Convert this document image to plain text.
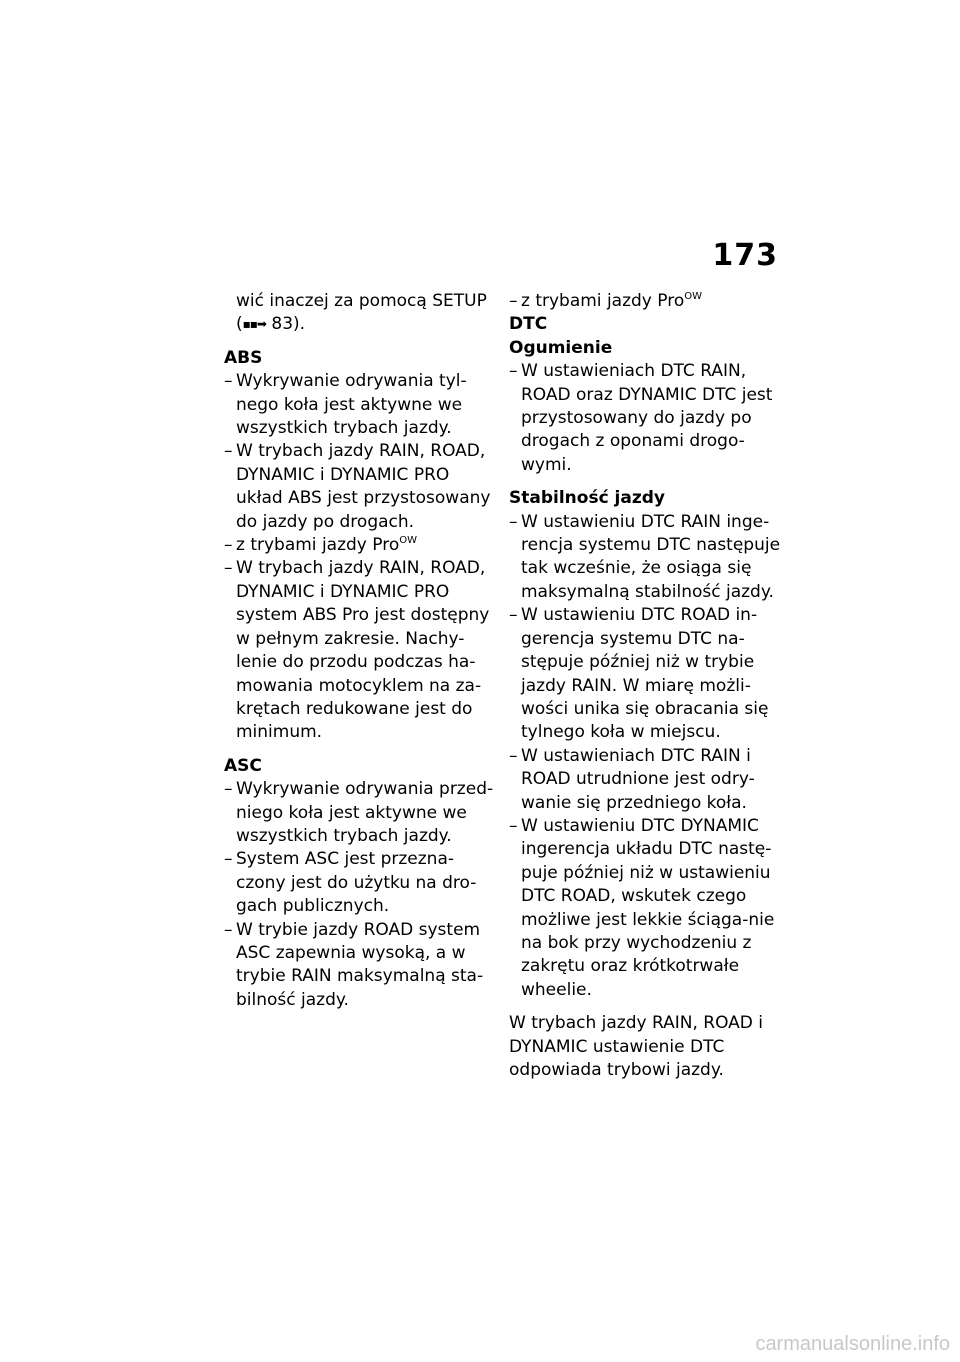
173

wić inaczej za pomocą SETUP

(▪▪➡ 83).

ABS

– Wykrywanie odrywania tyl-nego koła jest aktywne we wszystkich trybach jazdy.
– W trybach jazdy RAIN, ROAD, DYNAMIC i DYNAMIC PRO układ ABS jest przystosowany do jazdy po drogach.
– z trybami jazdy Pro$^{OW}$
– W trybach jazdy RAIN, ROAD, DYNAMIC i DYNAMIC PRO system ABS Pro jest dostępny w pełnym zakresie. Nachy-lenie do przodu podczas ha-mowania motocyklem na za-krętach redukowane jest do minimum.

ASC

– Wykrywanie odrywania przed-niego koła jest aktywne we wszystkich trybach jazdy.
– System ASC jest przezna-czony jest do użytku na dro-gach publicznych.
– W trybie jazdy ROAD system ASC zapewnia wysoką, a w trybie RAIN maksymalną sta-bilność jazdy.
– z trybami jazdy Pro$^{OW}$

DTC

Ogumienie

– W ustawieniach DTC RAIN, ROAD oraz DYNAMIC DTC jest przystosowany do jazdy po drogach z oponami drogo-wymi.

Stabilność jazdy

– W ustawieniu DTC RAIN inge-rencja systemu DTC następuje tak wcześnie, że osiąga się maksymalną stabilność jazdy.
– W ustawieniu DTC ROAD in-gerencja systemu DTC na-stępuje później niż w trybie jazdy RAIN. W miarę możli-wości unika się obracania się tylnego koła w miejscu.
– W ustawieniach DTC RAIN i ROAD utrudnione jest odry-wanie się przedniego koła.
– W ustawieniu DTC DYNAMIC ingerencja układu DTC nastę-puje później niż w ustawieniu DTC ROAD, wskutek czego możliwe jest lekkie ściąga-nie na bok przy wychodzeniu z zakrętu oraz krótkotrwałe wheelie.

W trybach jazdy RAIN, ROAD i DYNAMIC ustawienie DTC odpowiada trybowi jazdy.

carmanualsonline.info
